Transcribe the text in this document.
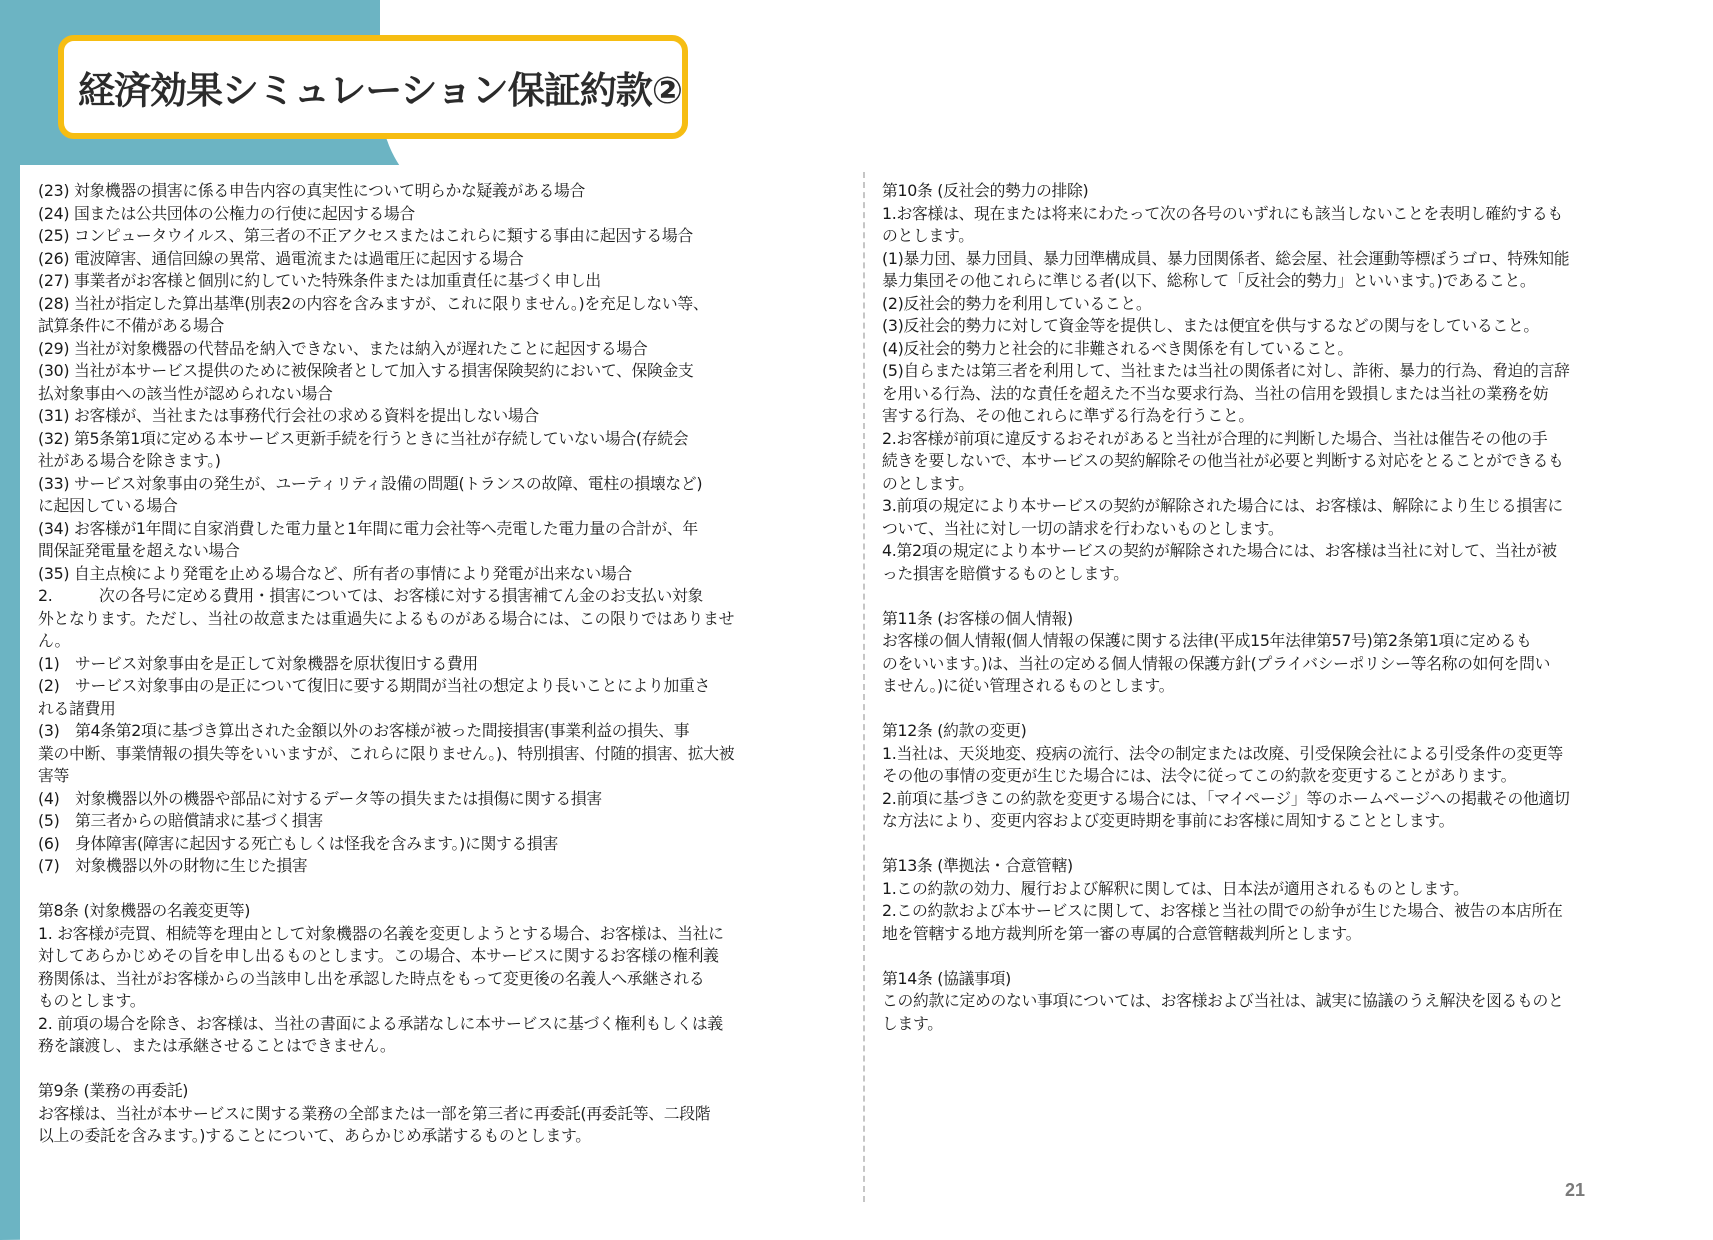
経済効果シミュレーション保証約款②
(23) 対象機器の損害に係る申告内容の真実性について明らかな疑義がある場合
(24) 国または公共団体の公権力の行使に起因する場合
(25) コンピュータウイルス、第三者の不正アクセスまたはこれらに類する事由に起因する場合
(26) 電波障害、通信回線の異常、過電流または過電圧に起因する場合
(27) 事業者がお客様と個別に約していた特殊条件または加重責任に基づく申し出
(28) 当社が指定した算出基準(別表2の内容を含みますが、これに限りません。)を充足しない等、
試算条件に不備がある場合
(29) 当社が対象機器の代替品を納入できない、または納入が遅れたことに起因する場合
(30) 当社が本サービス提供のために被保険者として加入する損害保険契約において、保険金支
払対象事由への該当性が認められない場合
(31) お客様が、当社または事務代行会社の求める資料を提出しない場合
(32) 第5条第1項に定める本サービス更新手続を行うときに当社が存続していない場合(存続会
社がある場合を除きます。)
(33) サービス対象事由の発生が、ユーティリティ設備の問題(トランスの故障、電柱の損壊など)
に起因している場合
(34) お客様が1年間に自家消費した電力量と1年間に電力会社等へ売電した電力量の合計が、年
間保証発電量を超えない場合
(35) 自主点検により発電を止める場合など、所有者の事情により発電が出来ない場合
2.　　　次の各号に定める費用・損害については、お客様に対する損害補てん金のお支払い対象
外となります。ただし、当社の故意または重過失によるものがある場合には、この限りではありませ
ん。
(1)　サービス対象事由を是正して対象機器を原状復旧する費用
(2)　サービス対象事由の是正について復旧に要する期間が当社の想定より長いことにより加重さ
れる諸費用
(3)　第4条第2項に基づき算出された金額以外のお客様が被った間接損害(事業利益の損失、事
業の中断、事業情報の損失等をいいますが、これらに限りません。)、特別損害、付随的損害、拡大被
害等
(4)　対象機器以外の機器や部品に対するデータ等の損失または損傷に関する損害
(5)　第三者からの賠償請求に基づく損害
(6)　身体障害(障害に起因する死亡もしくは怪我を含みます。)に関する損害
(7)　対象機器以外の財物に生じた損害
第8条 (対象機器の名義変更等)
1. お客様が売買、相続等を理由として対象機器の名義を変更しようとする場合、お客様は、当社に
対してあらかじめその旨を申し出るものとします。この場合、本サービスに関するお客様の権利義
務関係は、当社がお客様からの当該申し出を承認した時点をもって変更後の名義人へ承継される
ものとします。
2. 前項の場合を除き、お客様は、当社の書面による承諾なしに本サービスに基づく権利もしくは義
務を譲渡し、または承継させることはできません。
第9条 (業務の再委託)
お客様は、当社が本サービスに関する業務の全部または一部を第三者に再委託(再委託等、二段階
以上の委託を含みます。)することについて、あらかじめ承諾するものとします。
第10条 (反社会的勢力の排除)
1.お客様は、現在または将来にわたって次の各号のいずれにも該当しないことを表明し確約するも
のとします。
(1)暴力団、暴力団員、暴力団準構成員、暴力団関係者、総会屋、社会運動等標ぼうゴロ、特殊知能
暴力集団その他これらに準じる者(以下、総称して「反社会的勢力」といいます。)であること。
(2)反社会的勢力を利用していること。
(3)反社会的勢力に対して資金等を提供し、または便宜を供与するなどの関与をしていること。
(4)反社会的勢力と社会的に非難されるべき関係を有していること。
(5)自らまたは第三者を利用して、当社または当社の関係者に対し、詐術、暴力的行為、脅迫的言辞
を用いる行為、法的な責任を超えた不当な要求行為、当社の信用を毀損しまたは当社の業務を妨
害する行為、その他これらに準ずる行為を行うこと。
2.お客様が前項に違反するおそれがあると当社が合理的に判断した場合、当社は催告その他の手
続きを要しないで、本サービスの契約解除その他当社が必要と判断する対応をとることができるも
のとします。
3.前項の規定により本サービスの契約が解除された場合には、お客様は、解除により生じる損害に
ついて、当社に対し一切の請求を行わないものとします。
4.第2項の規定により本サービスの契約が解除された場合には、お客様は当社に対して、当社が被
った損害を賠償するものとします。
第11条 (お客様の個人情報)
お客様の個人情報(個人情報の保護に関する法律(平成15年法律第57号)第2条第1項に定めるも
のをいいます。)は、当社の定める個人情報の保護方針(プライバシーポリシー等名称の如何を問い
ません。)に従い管理されるものとします。
第12条 (約款の変更)
1.当社は、天災地変、疫病の流行、法令の制定または改廃、引受保険会社による引受条件の変更等
その他の事情の変更が生じた場合には、法令に従ってこの約款を変更することがあります。
2.前項に基づきこの約款を変更する場合には、「マイページ」等のホームページへの掲載その他適切
な方法により、変更内容および変更時期を事前にお客様に周知することとします。
第13条 (準拠法・合意管轄)
1.この約款の効力、履行および解釈に関しては、日本法が適用されるものとします。
2.この約款および本サービスに関して、お客様と当社の間での紛争が生じた場合、被告の本店所在
地を管轄する地方裁判所を第一審の専属的合意管轄裁判所とします。
第14条 (協議事項)
この約款に定めのない事項については、お客様および当社は、誠実に協議のうえ解決を図るものと
します。
21
